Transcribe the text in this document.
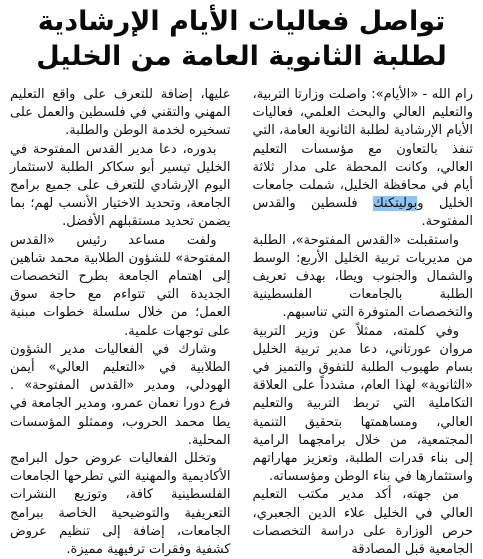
تواصل فعاليات الأيام الإرشادية
لطلبة الثانوية العامة من الخليل

رام الله - «الأيام»: واصلت وزارتا التربية، والتعليم العالي والبحث العلمي، فعاليات الأيام الإرشادية لطلبة الثانوية العامة، التي تنفذ بالتعاون مع مؤسسات التعليم العالي، وكانت المحطة على مدار ثلاثة أيام في محافظة الخليل، شملت جامعات الخليل وبوليتكنك فلسطين والقدس المفتوحة.

واستقبلت «القدس المفتوحة»، الطلبة من مديريات تربية الخليل الأربع: الوسط والشمال والجنوب ويطا، بهدف تعريف الطلبة بالجامعات الفلسطينية والتخصصات المتوفرة التي تناسبهم.

وفي كلمته، ممثلاً عن وزير التربية مروان عورتاني، دعا مدير تربية الخليل بسام طهبوب الطلبة للتفوق والتميز في «الثانوية» لهذا العام، مشدداً على العلاقة التكاملية التي تربط التربية والتعليم العالي، ومساهمتها بتحقيق التنمية المجتمعية، من خلال برامجهما الرامية إلى بناء قدرات الطلبة، وتعزيز مهاراتهم واستثمارها في بناء الوطن ومؤسساته.

من جهته، أكد مدير مكتب التعليم العالي في الخليل علاء الدين الجعبري، حرص الوزارة على دراسة التخصصات الجامعية قبل المصادقة

عليها، إضافة للتعرف على واقع التعليم المهني والتقني في فلسطين والعمل على تسخيره لخدمة الوطن والطلبة.

بدوره، دعا مدير القدس المفتوحة في الخليل تيسير أبو سكاكر الطلبة لاستثمار اليوم الإرشادي للتعرف على جميع برامج الجامعة، وتحديد الاختيار الأنسب لهم؛ بما يضمن تحديد مستقبلهم الأفضل.

ولفت مساعد رئيس «القدس المفتوحة» للشؤون الطلابية محمد شاهين إلى اهتمام الجامعة بطرح التخصصات الجديدة التي تتواءم مع حاجة سوق العمل؛ من خلال سلسلة خطوات مبنية على توجهات علمية.

وشارك في الفعاليات مدير الشؤون الطلابية في «التعليم العالي» أيمن الهودلي، ومدير «القدس المفتوحة» . فرع دورا نعمان عمرو، ومدير الجامعة في يطا محمد الحروب، وممثلو المؤسسات المحلية.

وتخلل الفعاليات عروض حول البرامج الأكاديمية والمهنية التي تطرحها الجامعات الفلسطينية كافة، وتوزيع النشرات التعريفية والتوضيحية الخاصة ببرامج الجامعات، إضافة إلى تنظيم عروض كشفية وفقرات ترفيهية مميزة.
